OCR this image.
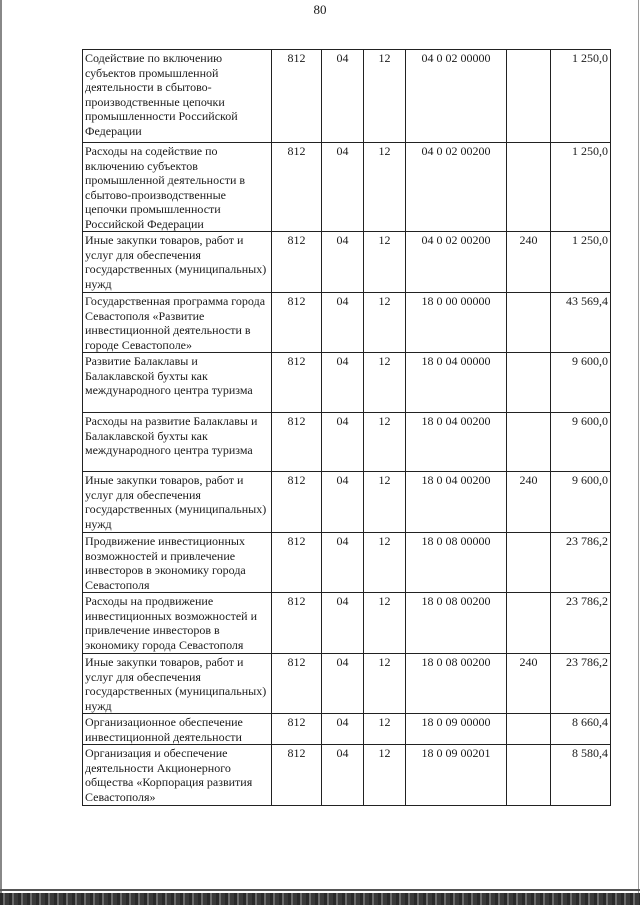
80
Содействие по включению субъектов промышленной деятельности в сбытово-производственные цепочки промышленности Российской Федерации	812	04	12	04 0 02 00000		1 250,0
Расходы на содействие по включению субъектов промышленной деятельности в сбытово-производственные цепочки промышленности Российской Федерации	812	04	12	04 0 02 00200		1 250,0
Иные закупки товаров, работ и услуг для обеспечения государственных (муниципальных) нужд	812	04	12	04 0 02 00200	240	1 250,0
Государственная программа города Севастополя «Развитие инвестиционной деятельности в городе Севастополе»	812	04	12	18 0 00 00000		43 569,4
Развитие Балаклавы и Балаклавской бухты как международного центра туризма	812	04	12	18 0 04 00000		9 600,0
Расходы на развитие Балаклавы и Балаклавской бухты как международного центра туризма	812	04	12	18 0 04 00200		9 600,0
Иные закупки товаров, работ и услуг для обеспечения государственных (муниципальных) нужд	812	04	12	18 0 04 00200	240	9 600,0
Продвижение инвестиционных возможностей и привлечение инвесторов в экономику города Севастополя	812	04	12	18 0 08 00000		23 786,2
Расходы на продвижение инвестиционных возможностей и привлечение инвесторов в экономику города Севастополя	812	04	12	18 0 08 00200		23 786,2
Иные закупки товаров, работ и услуг для обеспечения государственных (муниципальных) нужд	812	04	12	18 0 08 00200	240	23 786,2
Организационное обеспечение инвестиционной деятельности	812	04	12	18 0 09 00000		8 660,4
Организация и обеспечение деятельности Акционерного общества «Корпорация развития Севастополя»	812	04	12	18 0 09 00201		8 580,4
